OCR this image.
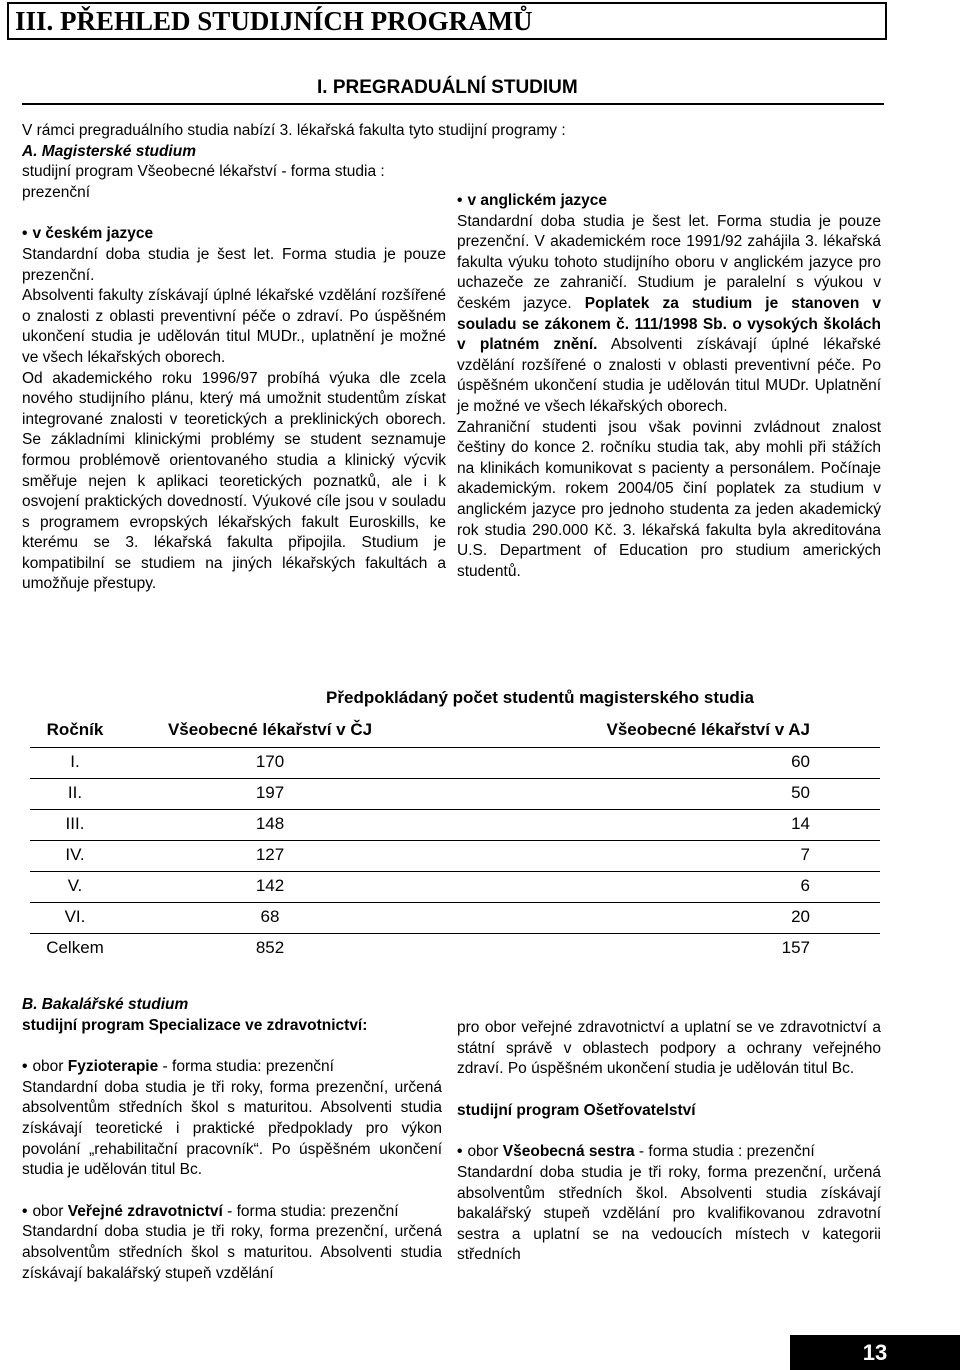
III. PŘEHLED STUDIJNÍCH PROGRAMŮ
I. PREGRADUÁLNÍ STUDIUM

V rámci pregraduálního studia nabízí 3. lékařská fakulta tyto studijní programy :

A. Magisterské studium

studijní program Všeobecné lékařství - forma studia :

prezenční

• v českém jazyce

Standardní doba studia je šest let. Forma studia je pouze prezenční.

Absolventi fakulty získávají úplné lékařské vzdělání rozšířené o znalosti z oblasti preventivní péče o zdraví. Po úspěšném ukončení studia je udělován titul MUDr., uplatnění je možné ve všech lékařských oborech.

Od akademického roku 1996/97 probíhá výuka dle zcela nového studijního plánu, který má umožnit studentům získat integrované znalosti v teoretických a preklinických oborech. Se základními klinickými problémy se student seznamuje formou problémově orientovaného studia a klinický výcvik směřuje nejen k aplikaci teoretických poznatků, ale i k osvojení praktických dovedností. Výukové cíle jsou v souladu s programem evropských lékařských fakult Euroskills, ke kterému se 3. lékařská fakulta připojila. Studium je kompatibilní se studiem na jiných lékařských fakultách a umožňuje přestupy.

• v anglickém jazyce

Standardní doba studia je šest let. Forma studia je pouze prezenční. V akademickém roce 1991/92 zahájila 3. lékařská fakulta výuku tohoto studijního oboru v anglickém jazyce pro uchazeče ze zahraničí. Studium je paralelní s výukou v českém jazyce. Poplatek za studium je stanoven v souladu se zákonem č. 111/1998 Sb. o vysokých školách v platném znění. Absolventi získávají úplné lékařské vzdělání rozšířené o znalosti v oblasti preventivní péče. Po úspěšném ukončení studia je udělován titul MUDr. Uplatnění je možné ve všech lékařských oborech.

Zahraniční studenti jsou však povinni zvládnout znalost češtiny do konce 2. ročníku studia tak, aby mohli při stážích na klinikách komunikovat s pacienty a personálem. Počínaje akademickým. rokem 2004/05 činí poplatek za studium v anglickém jazyce pro jednoho studenta za jeden akademický rok studia 290.000 Kč. 3. lékařská fakulta byla akreditována U.S. Department of Education pro studium amerických studentů.

Předpokládaný počet studentů magisterského studia
Ročník	Všeobecné lékařství v ČJ	Všeobecné lékařství v AJ
I.	170	60
II.	197	50
III.	148	14
IV.	127	7
V.	142	6
VI.	68	20
Celkem	852	157

B. Bakalářské studium

studijní program Specializace ve zdravotnictví:

• obor Fyzioterapie - forma studia: prezenční

Standardní doba studia je tři roky, forma prezenční, určená absolventům středních škol s maturitou. Absolventi studia získávají teoretické i praktické předpoklady pro výkon povolání „rehabilitační pracovník“. Po úspěšném ukončení studia je udělován titul Bc.

• obor Veřejné zdravotnictví - forma studia: prezenční

Standardní doba studia je tři roky, forma prezenční, určená absolventům středních škol s maturitou. Absolventi studia získávají bakalářský stupeň vzdělání

pro obor veřejné zdravotnictví a uplatní se ve zdravotnictví a státní správě v oblastech podpory a ochrany veřejného zdraví. Po úspěšném ukončení studia je udělován titul Bc.

studijní program Ošetřovatelství

• obor Všeobecná sestra - forma studia : prezenční

Standardní doba studia je tři roky, forma prezenční, určená absolventům středních škol. Absolventi studia získávají bakalářský stupeň vzdělání pro kvalifikovanou zdravotní sestra a uplatní se na vedoucích místech v kategorii středních

13
